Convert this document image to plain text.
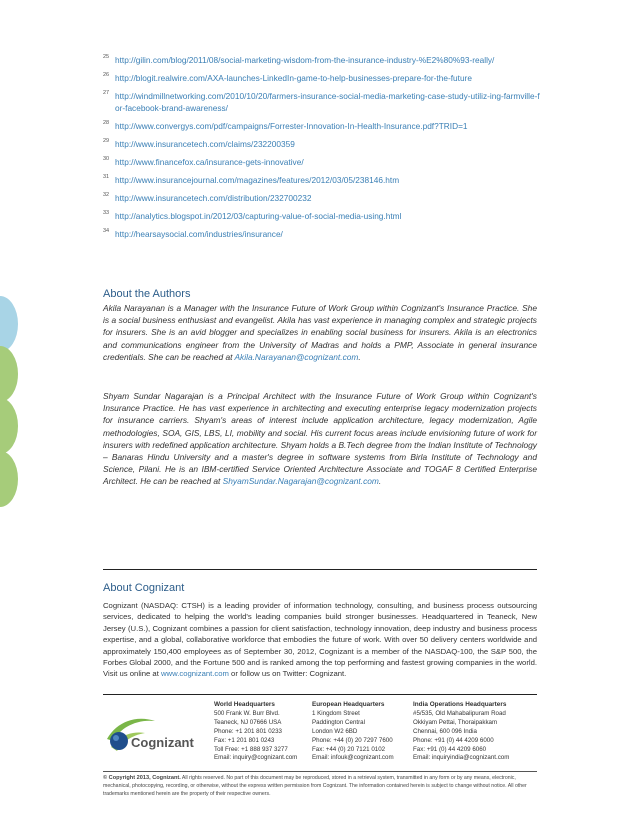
25 http://gilin.com/blog/2011/08/social-marketing-wisdom-from-the-insurance-industry-%E2%80%93-really/
26 http://blogit.realwire.com/AXA-launches-LinkedIn-game-to-help-businesses-prepare-for-the-future
27 http://windmillnetworking.com/2010/10/20/farmers-insurance-social-media-marketing-case-study-utiliz-ing-farmville-for-facebook-brand-awareness/
28 http://www.convergys.com/pdf/campaigns/Forrester-Innovation-In-Health-Insurance.pdf?TRID=1
29 http://www.insurancetech.com/claims/232200359
30 http://www.financefox.ca/insurance-gets-innovative/
31 http://www.insurancejournal.com/magazines/features/2012/03/05/238146.htm
32 http://www.insurancetech.com/distribution/232700232
33 http://analytics.blogspot.in/2012/03/capturing-value-of-social-media-using.html
34 http://hearsaysocial.com/industries/insurance/
About the Authors

Akila Narayanan is a Manager with the Insurance Future of Work Group within Cognizant's Insurance Practice. She is a social business enthusiast and evangelist. Akila has vast experience in managing complex and strategic projects for insurers. She is an avid blogger and specializes in enabling social business for insurers. Akila is an electronics and communications engineer from the University of Madras and holds a PMP, Associate in general insurance credentials. She can be reached at Akila.Narayanan@cognizant.com.

Shyam Sundar Nagarajan is a Principal Architect with the Insurance Future of Work Group within Cognizant's Insurance Practice. He has vast experience in architecting and executing enterprise legacy modernization projects for insurance carriers. Shyam's areas of interest include application architecture, legacy modernization, Agile methodologies, SOA, GIS, LBS, LI, mobility and social. His current focus areas include envisioning future of work for insurers with redefined application architecture. Shyam holds a B.Tech degree from the Indian Institute of Technology – Banaras Hindu University and a master's degree in software systems from Birla Institute of Technology and Science, Pilani. He is an IBM-certified Service Oriented Architecture Associate and TOGAF 8 Certified Enterprise Architect. He can be reached at ShyamSundar.Nagarajan@cognizant.com.

About Cognizant

Cognizant (NASDAQ: CTSH) is a leading provider of information technology, consulting, and business process outsourcing services, dedicated to helping the world's leading companies build stronger businesses. Headquartered in Teaneck, New Jersey (U.S.), Cognizant combines a passion for client satisfaction, technology innovation, deep industry and business process expertise, and a global, collaborative workforce that embodies the future of work. With over 50 delivery centers worldwide and approximately 150,400 employees as of September 30, 2012, Cognizant is a member of the NASDAQ-100, the S&P 500, the Forbes Global 2000, and the Fortune 500 and is ranked among the top performing and fastest growing companies in the world. Visit us online at www.cognizant.com or follow us on Twitter: Cognizant.

Cognizant
World Headquarters
500 Frank W. Burr Blvd.
Teaneck, NJ 07666 USA
Phone: +1 201 801 0233
Fax: +1 201 801 0243
Toll Free: +1 888 937 3277
Email: inquiry@cognizant.com
European Headquarters
1 Kingdom Street
Paddington Central
London W2 6BD
Phone: +44 (0) 20 7297 7600
Fax: +44 (0) 20 7121 0102
Email: infouk@cognizant.com
India Operations Headquarters
#5/535, Old Mahabalipuram Road
Okkiyam Pettai, Thoraipakkam
Chennai, 600 096 India
Phone: +91 (0) 44 4209 6000
Fax: +91 (0) 44 4209 6060
Email: inquiryindia@cognizant.com

© Copyright 2013, Cognizant. All rights reserved. No part of this document may be reproduced, stored in a retrieval system, transmitted in any form or by any means, electronic, mechanical, photocopying, recording, or otherwise, without the express written permission from Cognizant. The information contained herein is subject to change without notice. All other trademarks mentioned herein are the property of their respective owners.
